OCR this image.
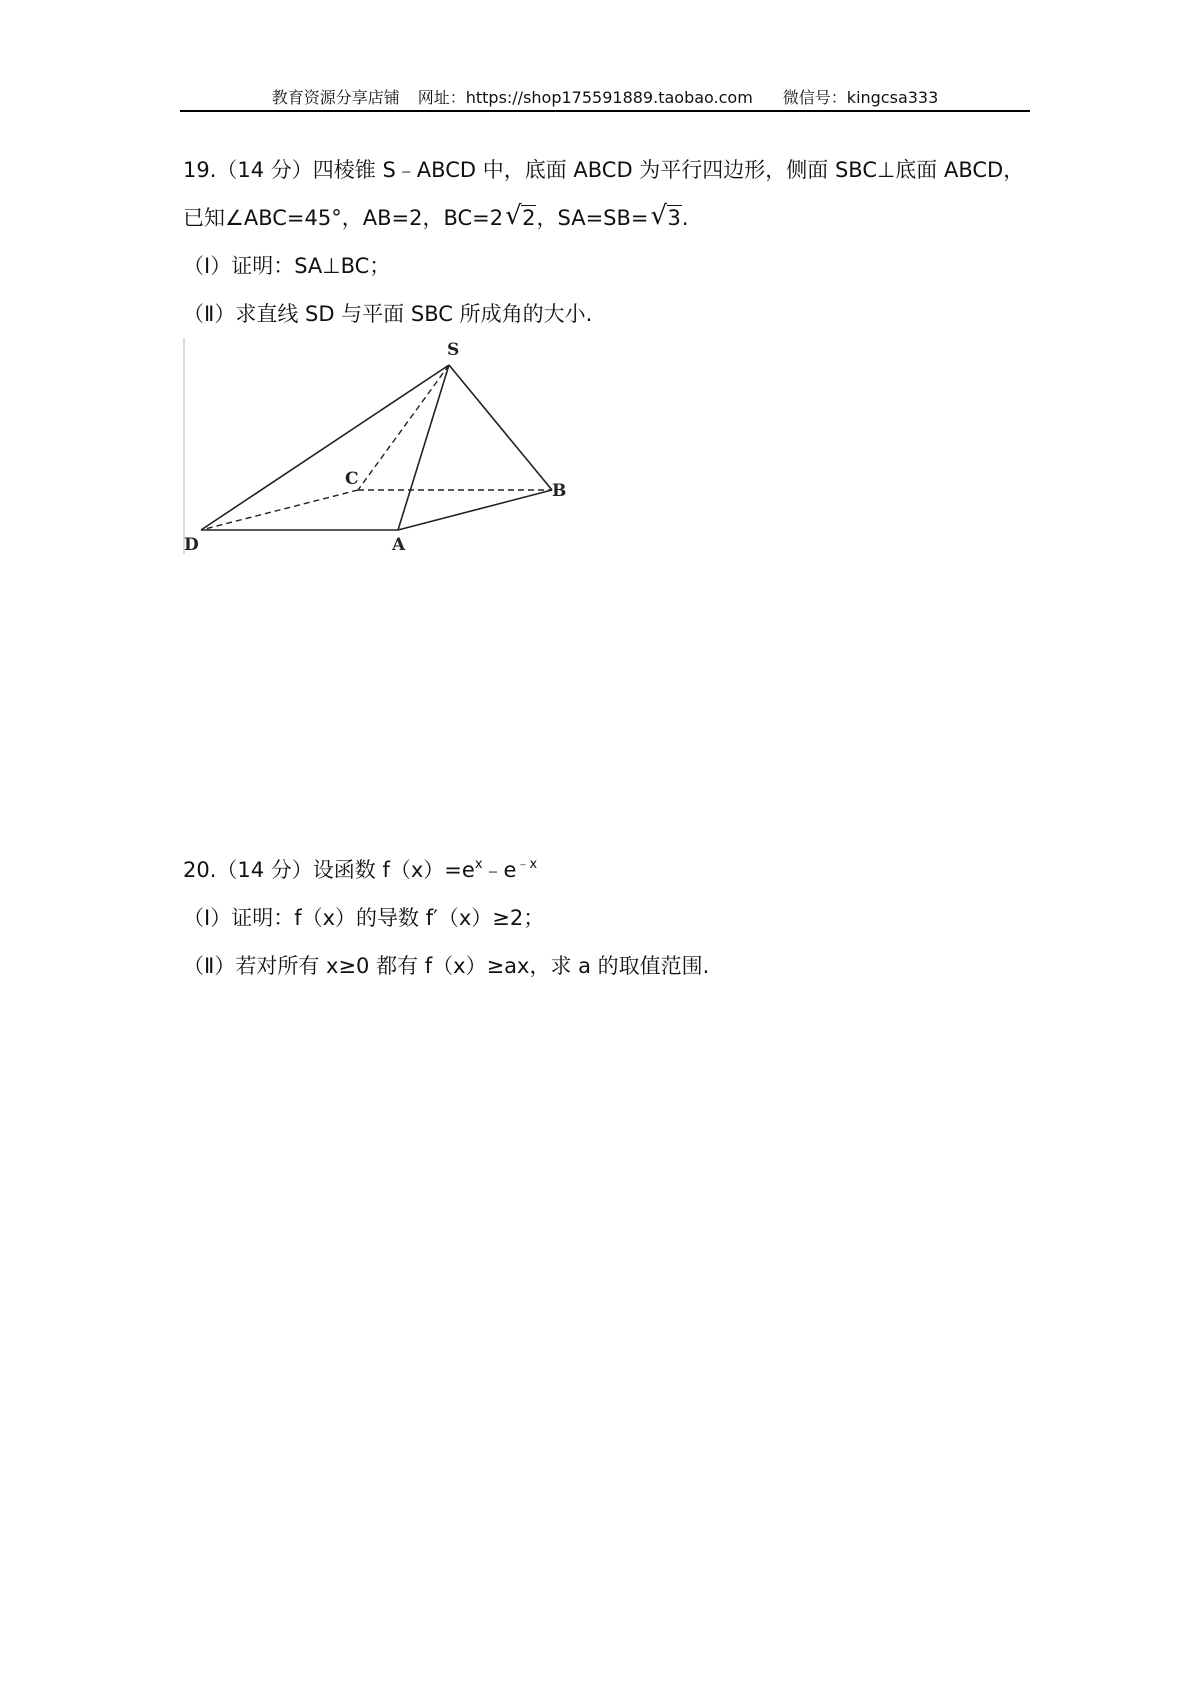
教育资源分享店铺 网址：https://shop175591889.taobao.com 微信号：kingcsa333
19.（14 分）四棱锥 S﹣ABCD 中，底面 ABCD 为平行四边形，侧面 SBC⊥底面 ABCD，
已知∠ABC=45°，AB=2，BC=2 √ 2，SA=SB= √ 3.
（Ⅰ）证明：SA⊥BC；
（Ⅱ）求直线 SD 与平面 SBC 所成角的大小.
S
C
B
D	A
20.（14 分）设函数 $f(x)=e^x﹣e^{﹣x}$
（Ⅰ）证明：f（x）的导数 f′（x）≥2；
（Ⅱ）若对所有 x≥0 都有 f（x）≥ax，求 a 的取值范围.
